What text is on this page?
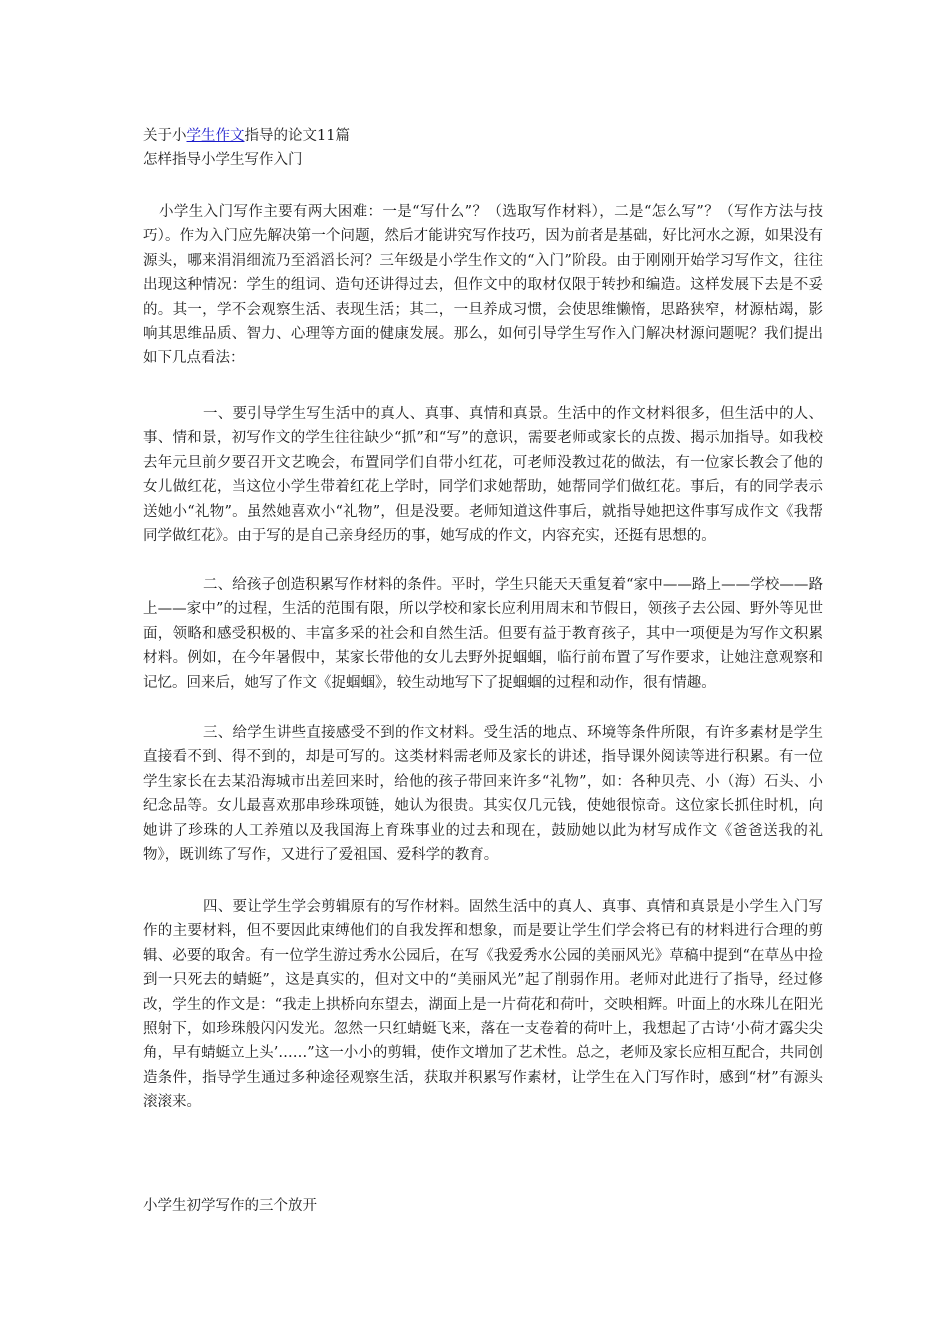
关于小学生作文指导的论文11篇
怎样指导小学生写作入门

小学生入门写作主要有两大困难：一是“写什么”？（选取写作材料），二是“怎么写”？（写作方法与技巧）。作为入门应先解决第一个问题，然后才能讲究写作技巧，因为前者是基础，好比河水之源，如果没有源头，哪来涓涓细流乃至滔滔长河？三年级是小学生作文的“入门”阶段。由于刚刚开始学习写作文，往往出现这种情况：学生的组词、造句还讲得过去，但作文中的取材仅限于转抄和编造。这样发展下去是不妥的。其一，学不会观察生活、表现生活；其二，一旦养成习惯，会使思维懒惰，思路狭窄，材源枯竭，影响其思维品质、智力、心理等方面的健康发展。那么，如何引导学生写作入门解决材源问题呢？我们提出如下几点看法：

一、要引导学生写生活中的真人、真事、真情和真景。生活中的作文材料很多，但生活中的人、事、情和景，初写作文的学生往往缺少“抓”和“写”的意识，需要老师或家长的点拨、揭示加指导。如我校去年元旦前夕要召开文艺晚会，布置同学们自带小红花，可老师没教过花的做法，有一位家长教会了他的女儿做红花，当这位小学生带着红花上学时，同学们求她帮助，她帮同学们做红花。事后，有的同学表示送她小“礼物”。虽然她喜欢小“礼物”，但是没要。老师知道这件事后，就指导她把这件事写成作文《我帮同学做红花》。由于写的是自己亲身经历的事，她写成的作文，内容充实，还挺有思想的。

二、给孩子创造积累写作材料的条件。平时，学生只能天天重复着“家中——路上——学校——路上——家中”的过程，生活的范围有限，所以学校和家长应利用周末和节假日，领孩子去公园、野外等见世面，领略和感受积极的、丰富多采的社会和自然生活。但要有益于教育孩子，其中一项便是为写作文积累材料。例如，在今年暑假中，某家长带他的女儿去野外捉蝈蝈，临行前布置了写作要求，让她注意观察和记忆。回来后，她写了作文《捉蝈蝈》，较生动地写下了捉蝈蝈的过程和动作，很有情趣。

三、给学生讲些直接感受不到的作文材料。受生活的地点、环境等条件所限，有许多素材是学生直接看不到、得不到的，却是可写的。这类材料需老师及家长的讲述，指导课外阅读等进行积累。有一位学生家长在去某沿海城市出差回来时，给他的孩子带回来许多“礼物”，如：各种贝壳、小（海）石头、小纪念品等。女儿最喜欢那串珍珠项链，她认为很贵。其实仅几元钱，使她很惊奇。这位家长抓住时机，向她讲了珍珠的人工养殖以及我国海上育珠事业的过去和现在，鼓励她以此为材写成作文《爸爸送我的礼物》，既训练了写作，又进行了爱祖国、爱科学的教育。

四、要让学生学会剪辑原有的写作材料。固然生活中的真人、真事、真情和真景是小学生入门写作的主要材料，但不要因此束缚他们的自我发挥和想象，而是要让学生们学会将已有的材料进行合理的剪辑、必要的取舍。有一位学生游过秀水公园后，在写《我爱秀水公园的美丽风光》草稿中提到“在草丛中捡到一只死去的蜻蜓”，这是真实的，但对文中的“美丽风光”起了削弱作用。老师对此进行了指导，经过修改，学生的作文是：“我走上拱桥向东望去，湖面上是一片荷花和荷叶，交映相辉。叶面上的水珠儿在阳光照射下，如珍珠般闪闪发光。忽然一只红蜻蜓飞来，落在一支卷着的荷叶上，我想起了古诗‘小荷才露尖尖角，早有蜻蜓立上头’……”这一小小的剪辑，使作文增加了艺术性。总之，老师及家长应相互配合，共同创造条件，指导学生通过多种途径观察生活，获取并积累写作素材，让学生在入门写作时，感到“材”有源头滚滚来。

小学生初学写作的三个放开
